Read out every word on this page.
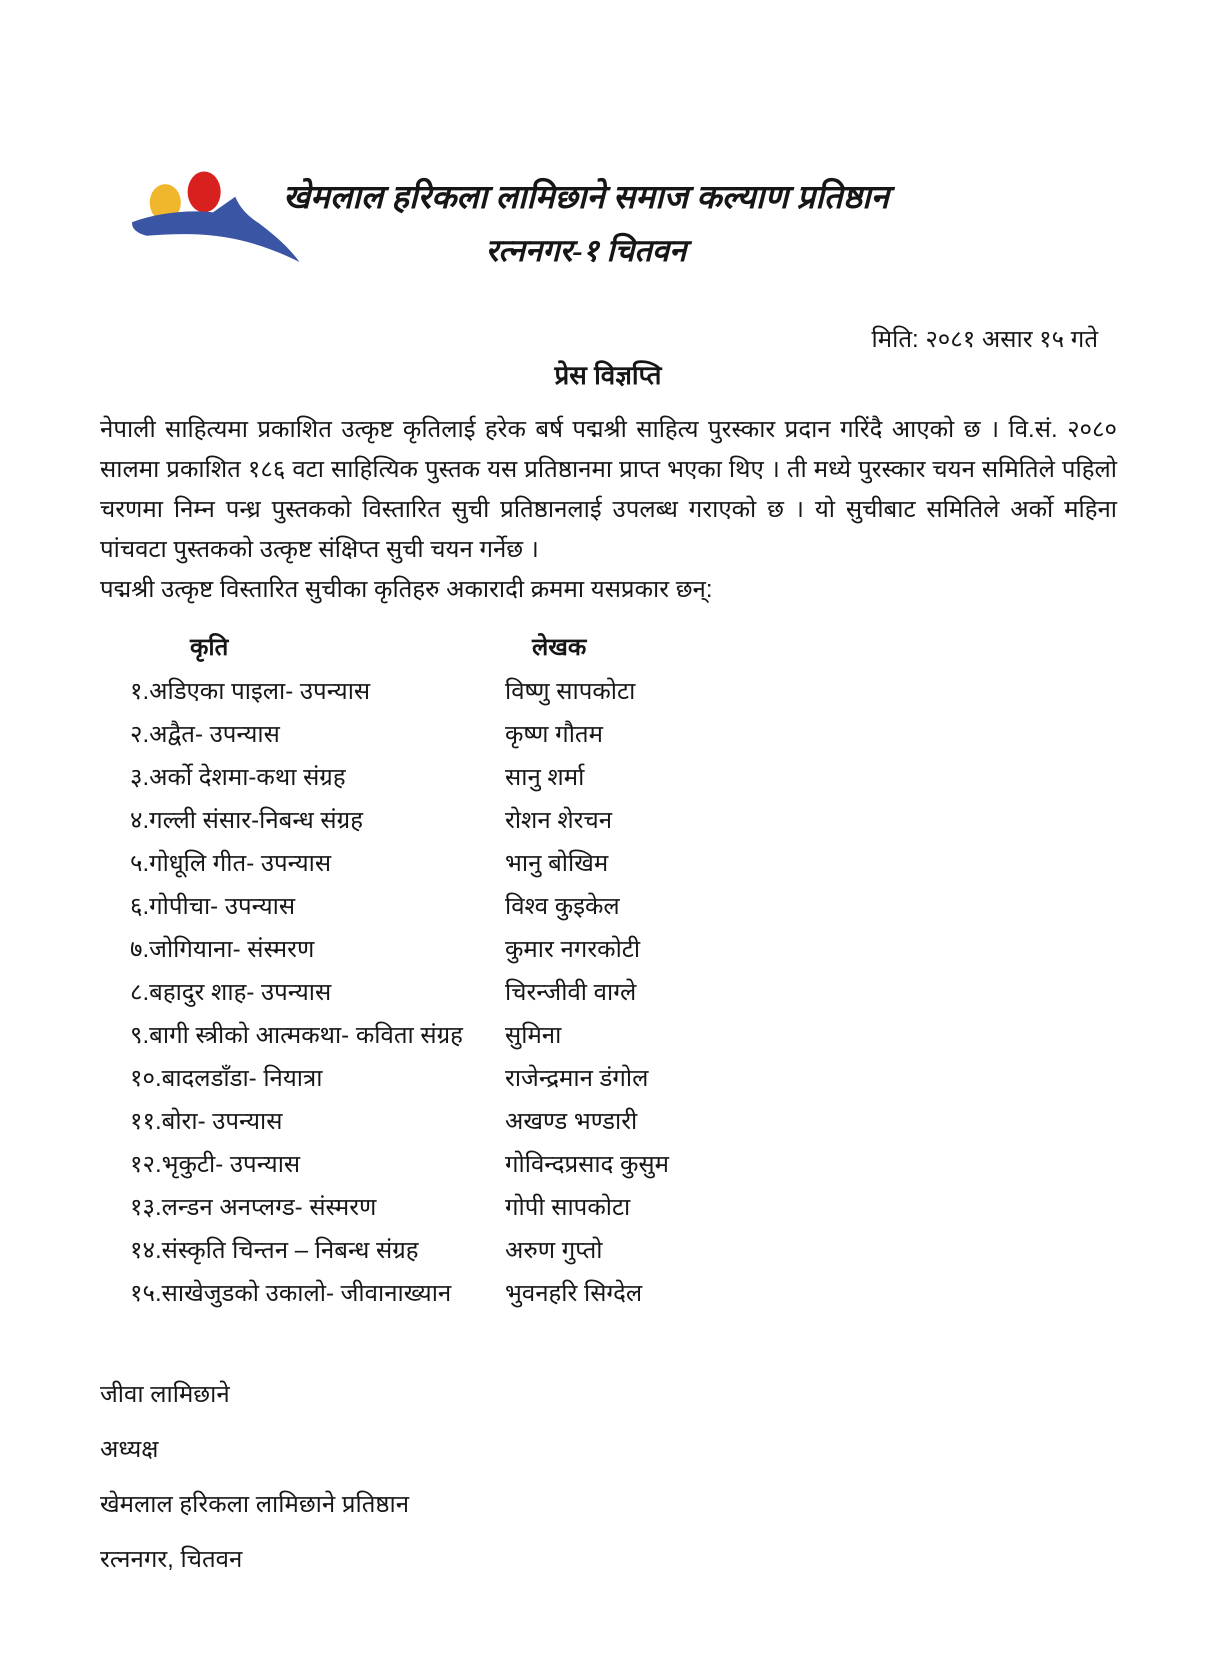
खेमलाल हरिकला लामिछाने समाज कल्याण प्रतिष्ठान
रत्ननगर-१ चितवन
मिति: २०८१ असार १५ गते
प्रेस विज्ञप्ति

नेपाली साहित्यमा प्रकाशित उत्कृष्ट कृतिलाई हरेक बर्ष पद्मश्री साहित्य पुरस्कार प्रदान गरिंदै आएको छ । वि.सं. २०८० सालमा प्रकाशित १८६ वटा साहित्यिक पुस्तक यस प्रतिष्ठानमा प्राप्त भएका थिए । ती मध्ये पुरस्कार चयन समितिले पहिलो चरणमा निम्न पन्ध्र पुस्तकको विस्तारित सुची प्रतिष्ठानलाई उपलब्ध गराएको छ । यो सुचीबाट समितिले अर्को महिना पांचवटा पुस्तकको उत्कृष्ट संक्षिप्त सुची चयन गर्नेछ ।

पद्मश्री उत्कृष्ट विस्तारित सुचीका कृतिहरु अकारादी क्रममा यसप्रकार छन्:

कृति	लेखक
१.अडिएका पाइला- उपन्यास	विष्णु सापकोटा
२.अद्वैत- उपन्यास	कृष्ण गौतम
३.अर्को देशमा-कथा संग्रह	सानु शर्मा
४.गल्ली संसार-निबन्ध संग्रह	रोशन शेरचन
५.गोधूलि गीत- उपन्यास	भानु बोखिम
६.गोपीचा- उपन्यास	विश्व कुइकेल
७.जोगियाना- संस्मरण	कुमार नगरकोटी
८.बहादुर शाह- उपन्यास	चिरन्जीवी वाग्ले
९.बागी स्त्रीको आत्मकथा- कविता संग्रह	सुमिना
१०.बादलडाँडा- नियात्रा	राजेन्द्रमान डंगोल
११.बोरा- उपन्यास	अखण्ड भण्डारी
१२.भृकुटी- उपन्यास	गोविन्दप्रसाद कुसुम
१३.लन्डन अनप्लग्ड- संस्मरण	गोपी सापकोटा
१४.संस्कृति चिन्तन – निबन्ध संग्रह	अरुण गुप्तो
१५.साखेजुडको उकालो- जीवानाख्यान	भुवनहरि सिग्देल
जीवा लामिछाने
अध्यक्ष
खेमलाल हरिकला लामिछाने प्रतिष्ठान
रत्ननगर, चितवन
